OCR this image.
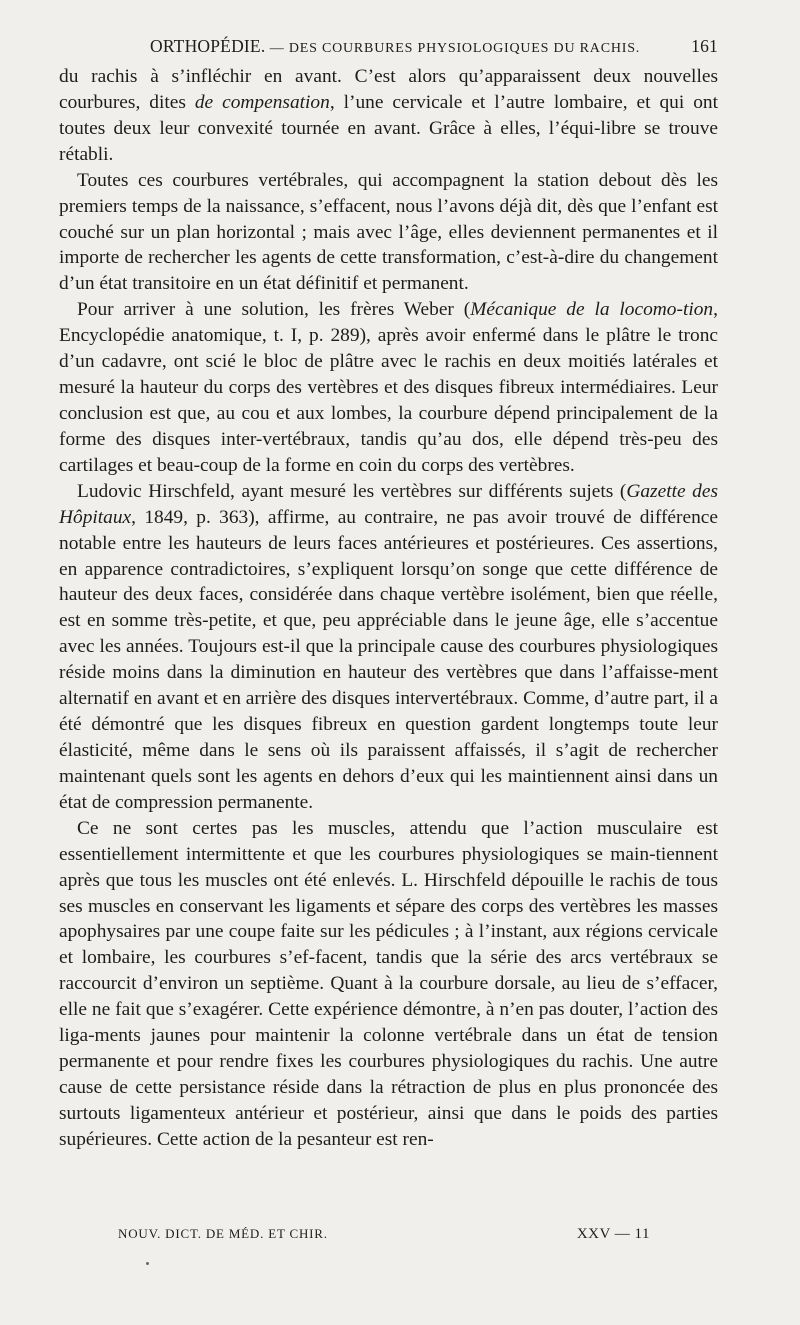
ORTHOPÉDIE. — DES COURBURES PHYSIOLOGIQUES DU RACHIS.	161

du rachis à s’infléchir en avant. C’est alors qu’apparaissent deux nouvelles courbures, dites de compensation, l’une cervicale et l’autre lombaire, et qui ont toutes deux leur convexité tournée en avant. Grâce à elles, l’équi-libre se trouve rétabli.

Toutes ces courbures vertébrales, qui accompagnent la station debout dès les premiers temps de la naissance, s’effacent, nous l’avons déjà dit, dès que l’enfant est couché sur un plan horizontal ; mais avec l’âge, elles deviennent permanentes et il importe de rechercher les agents de cette transformation, c’est-à-dire du changement d’un état transitoire en un état définitif et permanent.

Pour arriver à une solution, les frères Weber (Mécanique de la locomo-tion, Encyclopédie anatomique, t. I, p. 289), après avoir enfermé dans le plâtre le tronc d’un cadavre, ont scié le bloc de plâtre avec le rachis en deux moitiés latérales et mesuré la hauteur du corps des vertèbres et des disques fibreux intermédiaires. Leur conclusion est que, au cou et aux lombes, la courbure dépend principalement de la forme des disques inter-vertébraux, tandis qu’au dos, elle dépend très-peu des cartilages et beau-coup de la forme en coin du corps des vertèbres.

Ludovic Hirschfeld, ayant mesuré les vertèbres sur différents sujets (Gazette des Hôpitaux, 1849, p. 363), affirme, au contraire, ne pas avoir trouvé de différence notable entre les hauteurs de leurs faces antérieures et postérieures. Ces assertions, en apparence contradictoires, s’expliquent lorsqu’on songe que cette différence de hauteur des deux faces, considérée dans chaque vertèbre isolément, bien que réelle, est en somme très-petite, et que, peu appréciable dans le jeune âge, elle s’accentue avec les années. Toujours est-il que la principale cause des courbures physiologiques réside moins dans la diminution en hauteur des vertèbres que dans l’affaisse-ment alternatif en avant et en arrière des disques intervertébraux. Comme, d’autre part, il a été démontré que les disques fibreux en question gardent longtemps toute leur élasticité, même dans le sens où ils paraissent affaissés, il s’agit de rechercher maintenant quels sont les agents en dehors d’eux qui les maintiennent ainsi dans un état de compression permanente.

Ce ne sont certes pas les muscles, attendu que l’action musculaire est essentiellement intermittente et que les courbures physiologiques se main-tiennent après que tous les muscles ont été enlevés. L. Hirschfeld dépouille le rachis de tous ses muscles en conservant les ligaments et sépare des corps des vertèbres les masses apophysaires par une coupe faite sur les pédicules ; à l’instant, aux régions cervicale et lombaire, les courbures s’ef-facent, tandis que la série des arcs vertébraux se raccourcit d’environ un septième. Quant à la courbure dorsale, au lieu de s’effacer, elle ne fait que s’exagérer. Cette expérience démontre, à n’en pas douter, l’action des liga-ments jaunes pour maintenir la colonne vertébrale dans un état de tension permanente et pour rendre fixes les courbures physiologiques du rachis. Une autre cause de cette persistance réside dans la rétraction de plus en plus prononcée des surtouts ligamenteux antérieur et postérieur, ainsi que dans le poids des parties supérieures. Cette action de la pesanteur est ren-

NOUV. DICT. DE MÉD. ET CHIR.	XXV — 11
